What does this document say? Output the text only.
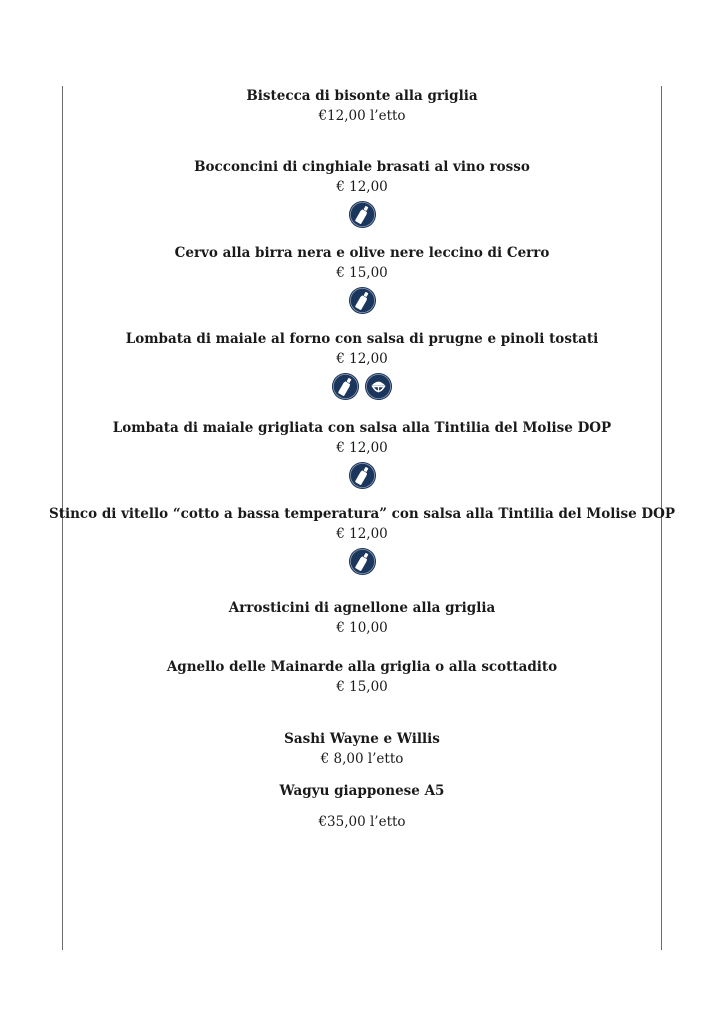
Bistecca di bisonte alla griglia
€12,00 l’etto
Bocconcini di cinghiale brasati al vino rosso
€ 12,00
Cervo alla birra nera e olive nere leccino di Cerro
€ 15,00
Lombata di maiale al forno con salsa di prugne e pinoli tostati
€ 12,00
Lombata di maiale grigliata con salsa alla Tintilia del Molise DOP
€ 12,00
Stinco di vitello “cotto a bassa temperatura” con salsa alla Tintilia del Molise DOP
€ 12,00
Arrosticini di agnellone alla griglia
€ 10,00
Agnello delle Mainarde alla griglia o alla scottadito
€ 15,00
Sashi Wayne e Willis
€ 8,00 l’etto
Wagyu giapponese A5
€35,00 l’etto
